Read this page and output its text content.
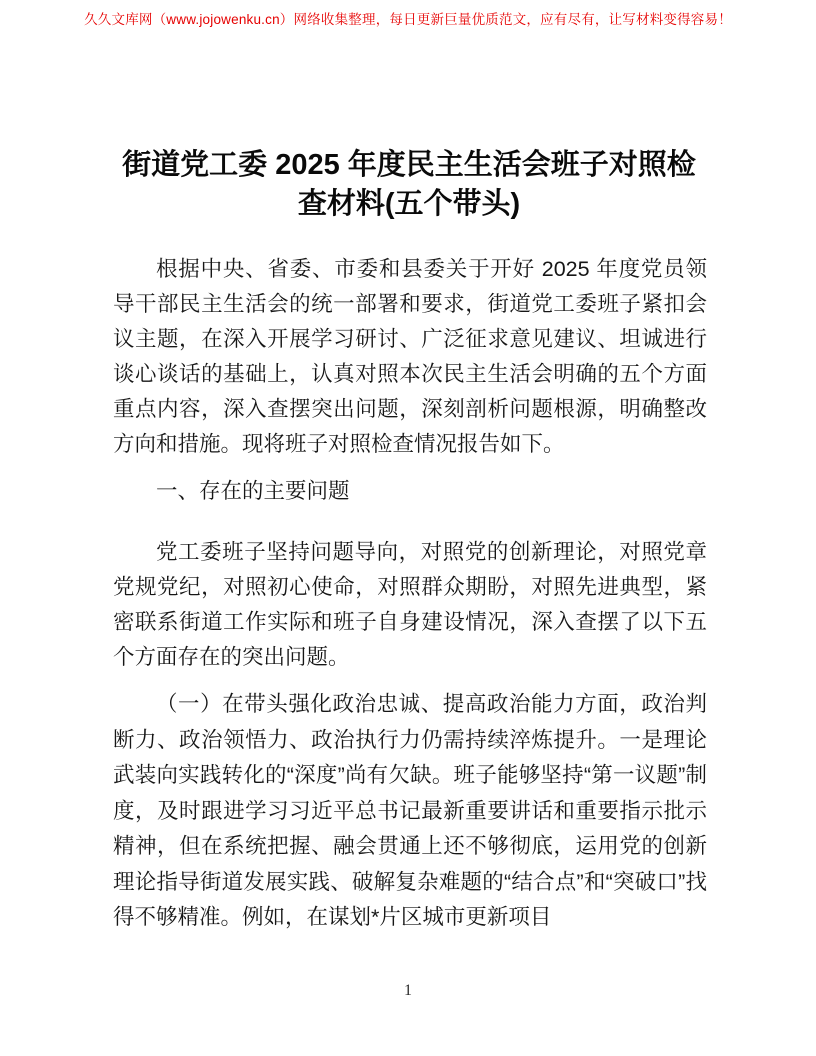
久久文库网（www.jojowenku.cn）网络收集整理，每日更新巨量优质范文，应有尽有，让写材料变得容易！
街道党工委 2025 年度民主生活会班子对照检查材料(五个带头)

根据中央、省委、市委和县委关于开好 2025 年度党员领导干部民主生活会的统一部署和要求，街道党工委班子紧扣会议主题，在深入开展学习研讨、广泛征求意见建议、坦诚进行谈心谈话的基础上，认真对照本次民主生活会明确的五个方面重点内容，深入查摆突出问题，深刻剖析问题根源，明确整改方向和措施。现将班子对照检查情况报告如下。

一、存在的主要问题

党工委班子坚持问题导向，对照党的创新理论，对照党章党规党纪，对照初心使命，对照群众期盼，对照先进典型，紧密联系街道工作实际和班子自身建设情况，深入查摆了以下五个方面存在的突出问题。

（一）在带头强化政治忠诚、提高政治能力方面，政治判断力、政治领悟力、政治执行力仍需持续淬炼提升。一是理论武装向实践转化的“深度”尚有欠缺。班子能够坚持“第一议题”制度，及时跟进学习习近平总书记最新重要讲话和重要指示批示精神，但在系统把握、融会贯通上还不够彻底，运用党的创新理论指导街道发展实践、破解复杂难题的“结合点”和“突破口”找得不够精准。例如，在谋划*片区城市更新项目

1
